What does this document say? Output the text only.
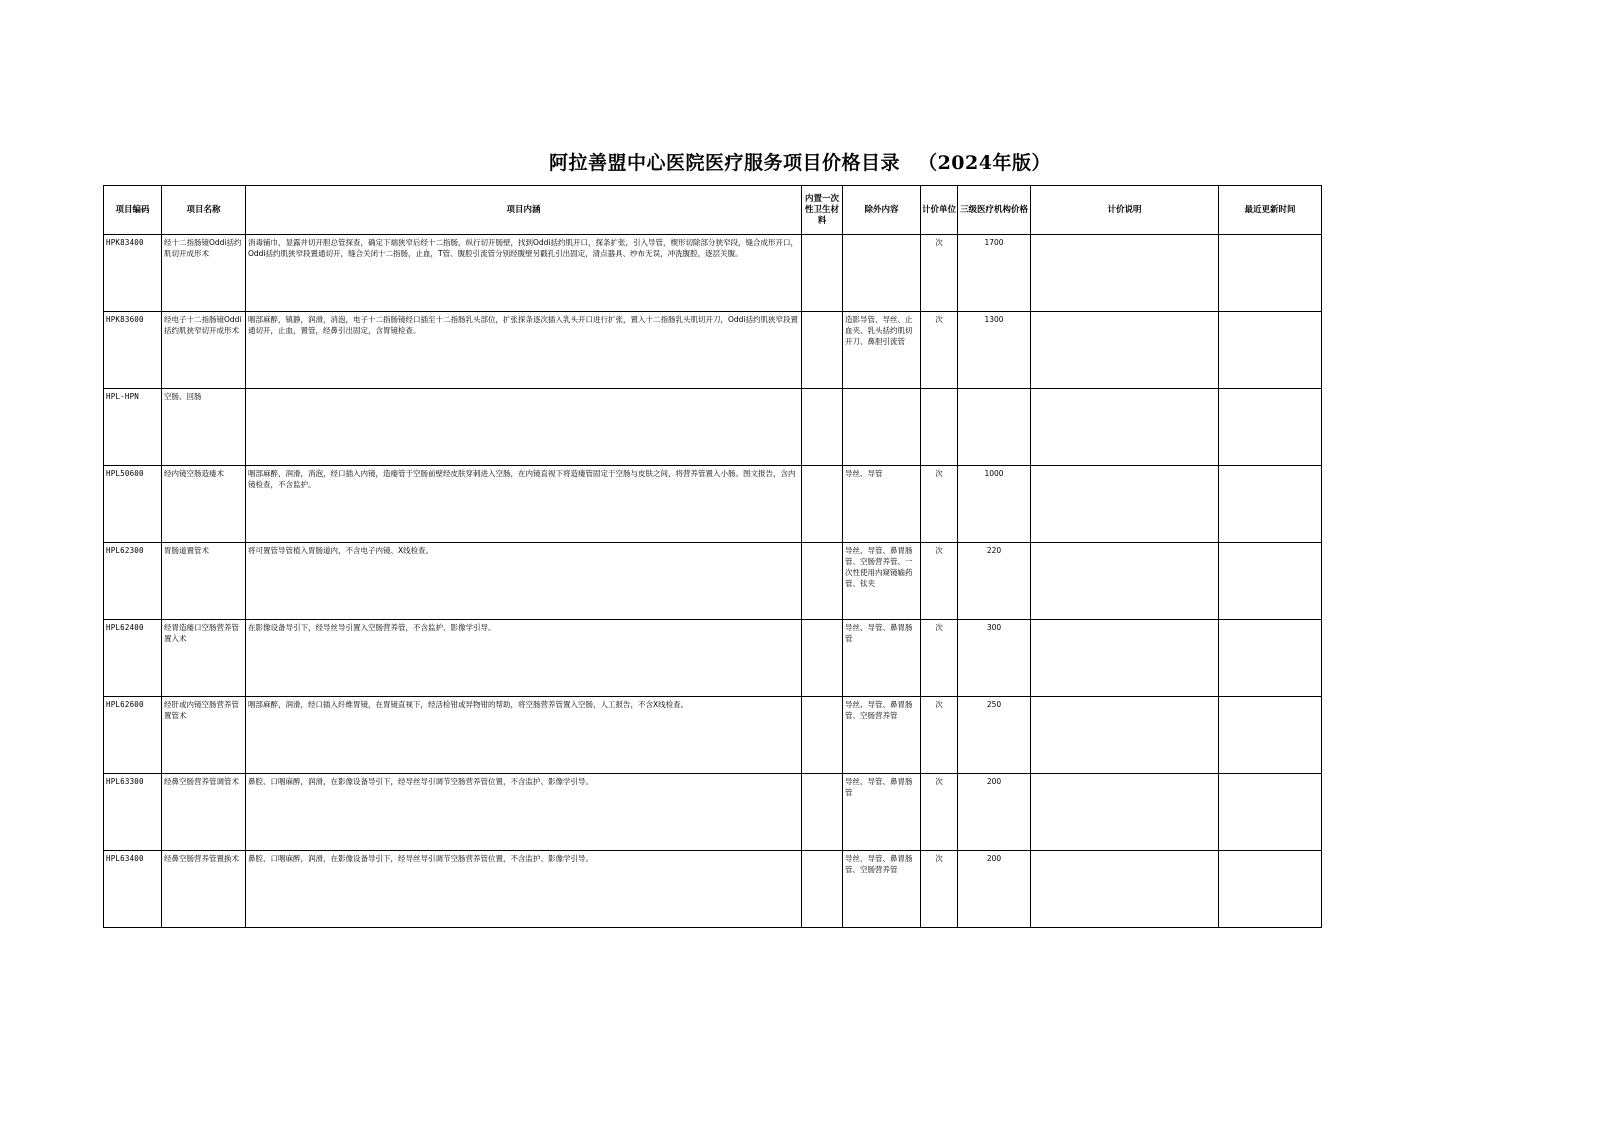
阿拉善盟中心医院医疗服务项目价格目录 （2024年版）
项目编码	项目名称	项目内涵	内置一次性卫生材料	除外内容	计价单位	三级医疗机构价格	计价说明	最近更新时间
HPK83400	经十二指肠镜Oddi括约肌切开成形术	消毒铺巾，显露并切开胆总管探查，确定下端狭窄后经十二指肠，纵行切开肠壁，找到Oddi括约肌开口，探条扩张，引入导管，楔形切除部分狭窄段，缝合成形开口，Oddi括约肌狭窄段置通切开，缝合关闭十二指肠，止血，T管、腹腔引流管分别经腹壁另戳孔引出固定，清点器具、纱布无误，冲洗腹腔，逐层关腹。			次	1700		
HPK83600	经电子十二指肠镜Oddi括约肌狭窄切开成形术	咽部麻醉，镇静，润滑，消泡，电子十二指肠镜经口插至十二指肠乳头部位，扩张探条逐次插入乳头开口进行扩张，置入十二指肠乳头肌切开刀，Oddi括约肌狭窄段置通切开，止血，置管，经鼻引出固定，含胃镜检查。		造影导管、导丝、止血夹、乳头括约肌切开刀、鼻胆引流管	次	1300		
HPL-HPN	空肠、回肠							
HPL50600	经内镜空肠造瘘术	咽部麻醉，润滑，消泡，经口插入内镜，造瘘管于空肠前壁经皮肤穿刺进入空肠，在内镜直视下将造瘘管固定于空肠与皮肤之间，将营养管置入小肠。图文报告，含内镜检查，不含监护。		导丝、导管	次	1000		
HPL62300	胃肠道置管术	将可置管导管植入胃肠道内，不含电子内镜、X线检查。		导丝、导管、鼻胃肠管、空肠营养管、一次性使用内窥镜输药管、钛夹	次	220		
HPL62400	经胃造瘘口空肠营养管置入术	在影像设备导引下，经导丝导引置入空肠营养管，不含监护、影像学引导。		导丝、导管、鼻胃肠管	次	300		
HPL62600	经肝或内镜空肠营养管置管术	咽部麻醉，润滑，经口插入纤维胃镜，在胃镜直视下，经活检钳或异物钳的帮助，将空肠营养管置入空肠，人工报告，不含X线检查。		导丝、导管、鼻胃肠管、空肠营养管	次	250		
HPL63300	经鼻空肠营养管调管术	鼻腔、口咽麻醉，润滑，在影像设备导引下，经导丝导引调节空肠营养管位置，不含监护、影像学引导。		导丝、导管、鼻胃肠管	次	200		
HPL63400	经鼻空肠营养管置换术	鼻腔、口咽麻醉，润滑，在影像设备导引下，经导丝导引调节空肠营养管位置，不含监护、影像学引导。		导丝、导管、鼻胃肠管、空肠营养管	次	200		
